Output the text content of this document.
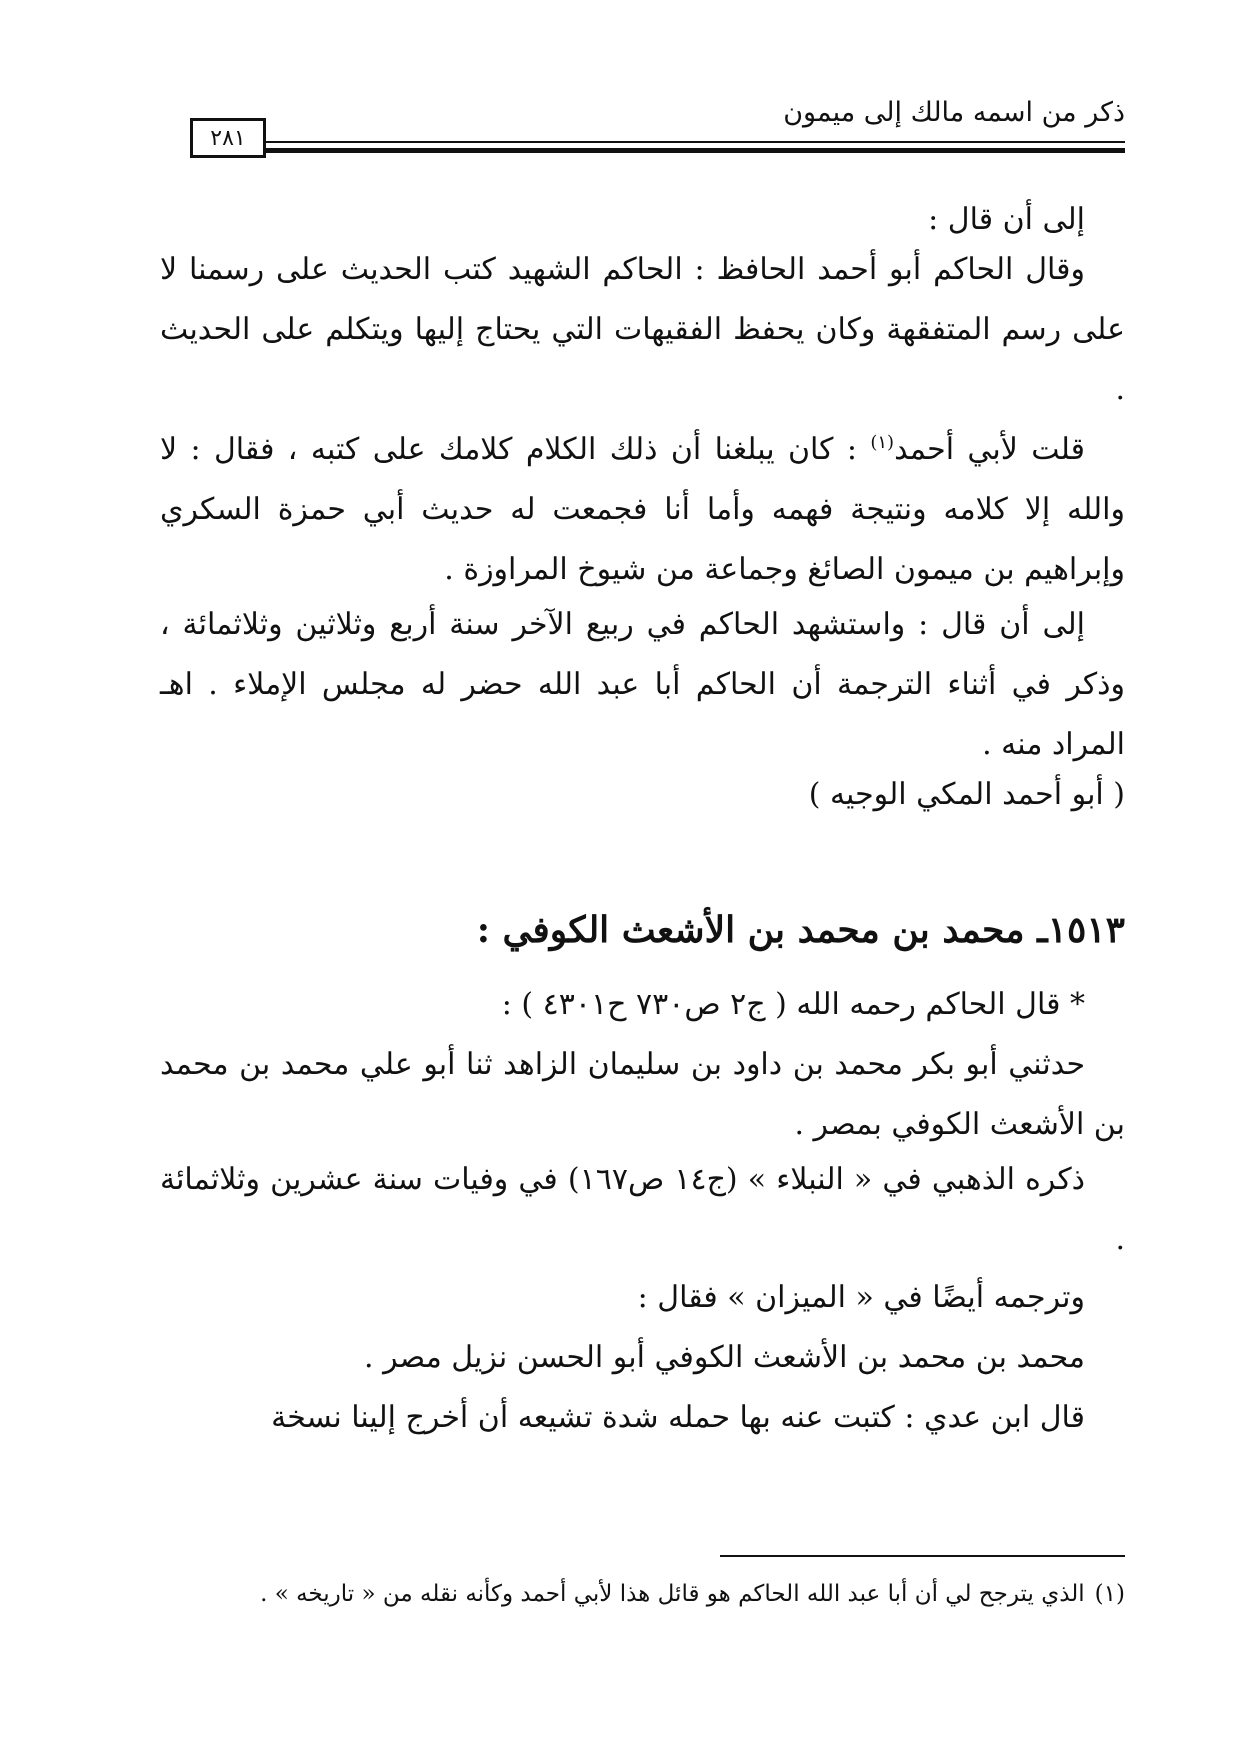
ذكر من اسمه مالك إلى ميمون
٢٨١
إلى أن قال :
وقال الحاكم أبو أحمد الحافظ : الحاكم الشهيد كتب الحديث على رسمنا لا على رسم المتفقهة وكان يحفظ الفقيهات التي يحتاج إليها ويتكلم على الحديث .
قلت لأبي أحمد$^{(١)}$ : كان يبلغنا أن ذلك الكلام كلامك على كتبه ، فقال : لا والله إلا كلامه ونتيجة فهمه وأما أنا فجمعت له حديث أبي حمزة السكري وإبراهيم بن ميمون الصائغ وجماعة من شيوخ المراوزة .
إلى أن قال : واستشهد الحاكم في ربيع الآخر سنة أربع وثلاثين وثلاثمائة ، وذكر في أثناء الترجمة أن الحاكم أبا عبد الله حضر له مجلس الإملاء . اهـ المراد منه .
( أبو أحمد المكي الوجيه )
١٥١٣ـ محمد بن محمد بن الأشعث الكوفي :
* قال الحاكم رحمه الله ( ج٢ ص٧٣٠ ح٤٣٠١ ) :
حدثني أبو بكر محمد بن داود بن سليمان الزاهد ثنا أبو علي محمد بن محمد بن الأشعث الكوفي بمصر .
ذكره الذهبي في « النبلاء » (ج١٤ ص١٦٧) في وفيات سنة عشرين وثلاثمائة .
وترجمه أيضًا في « الميزان » فقال :
محمد بن محمد بن الأشعث الكوفي أبو الحسن نزيل مصر .
قال ابن عدي : كتبت عنه بها حمله شدة تشيعه أن أخرج إلينا نسخة
(١)الذي يترجح لي أن أبا عبد الله الحاكم هو قائل هذا لأبي أحمد وكأنه نقله من « تاريخه » .
